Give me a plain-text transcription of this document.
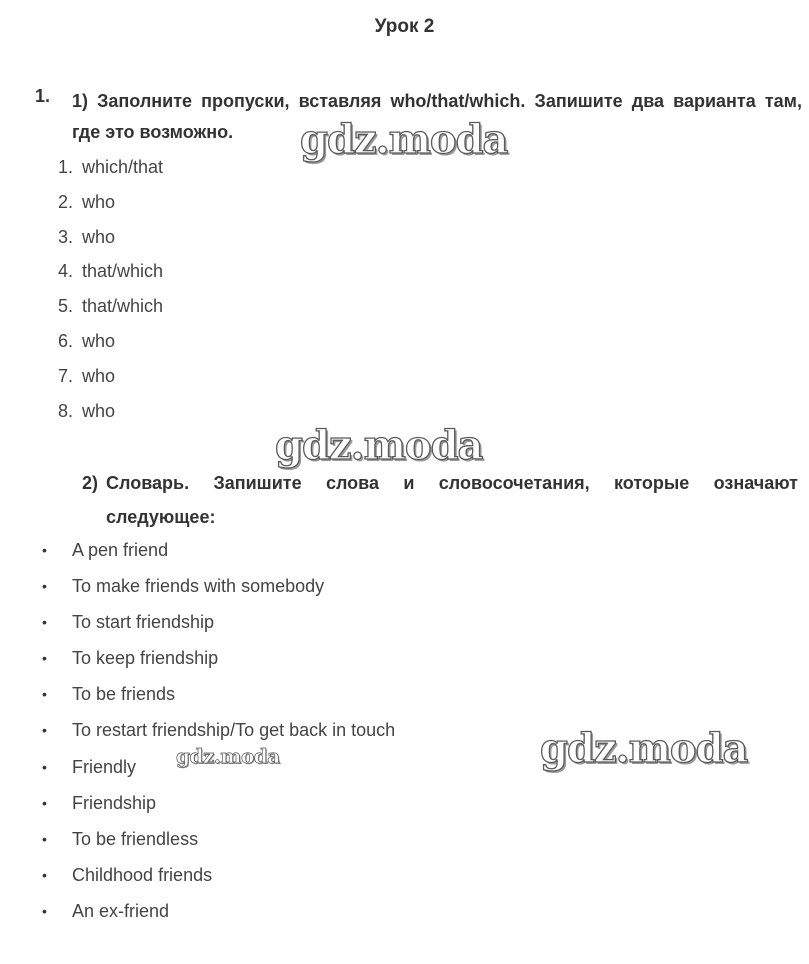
Урок 2
1. 1) Заполните пропуски, вставляя who/that/which. Запишите два варианта там, где это возможно.
1. which/that
2. who
3. who
4. that/which
5. that/which
6. who
7. who
8. who
2) Словарь. Запишите слова и словосочетания, которые означают
следующее:
•	A pen friend
•	To make friends with somebody
•	To start friendship
•	To keep friendship
•	To be friends
•	To restart friendship/To get back in touch
•	Friendly
•	Friendship
•	To be friendless
•	Childhood friends
•	An ex-friend
gdz.moda
gdz.moda
gdz.moda
gdz.moda
